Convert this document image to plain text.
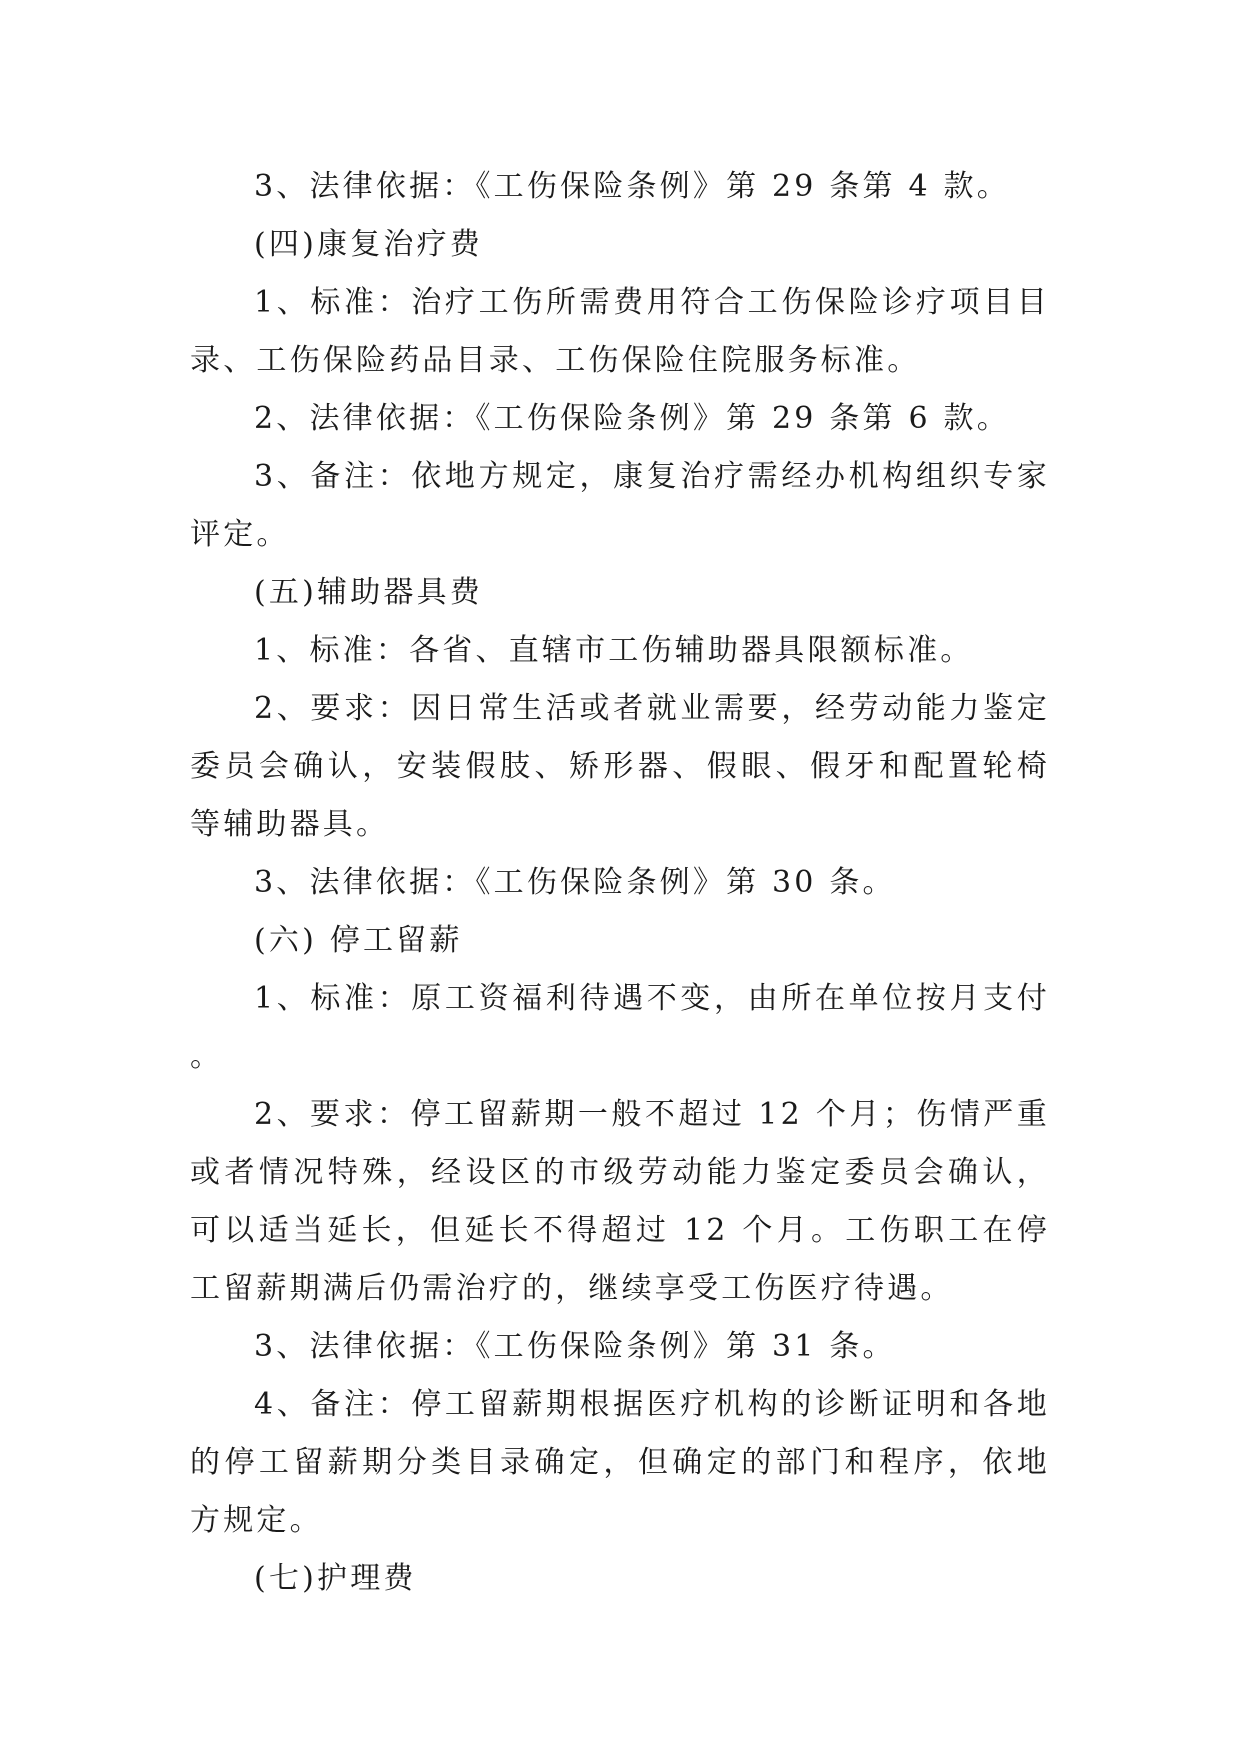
3、法律依据：《工伤保险条例》第 29 条第 4 款。

(四)康复治疗费

1、标准：治疗工伤所需费用符合工伤保险诊疗项目目录、工伤保险药品目录、工伤保险住院服务标准。

2、法律依据：《工伤保险条例》第 29 条第 6 款。

3、备注：依地方规定，康复治疗需经办机构组织专家评定。

(五)辅助器具费

1、标准：各省、直辖市工伤辅助器具限额标准。

2、要求：因日常生活或者就业需要，经劳动能力鉴定委员会确认，安装假肢、矫形器、假眼、假牙和配置轮椅等辅助器具。

3、法律依据：《工伤保险条例》第 30 条。

(六) 停工留薪

1、标准：原工资福利待遇不变，由所在单位按月支付 。

2、要求：停工留薪期一般不超过 12 个月；伤情严重或者情况特殊，经设区的市级劳动能力鉴定委员会确认，可以适当延长，但延长不得超过 12 个月。工伤职工在停工留薪期满后仍需治疗的，继续享受工伤医疗待遇。

3、法律依据：《工伤保险条例》第 31 条。

4、备注：停工留薪期根据医疗机构的诊断证明和各地的停工留薪期分类目录确定，但确定的部门和程序，依地方规定。

(七)护理费
